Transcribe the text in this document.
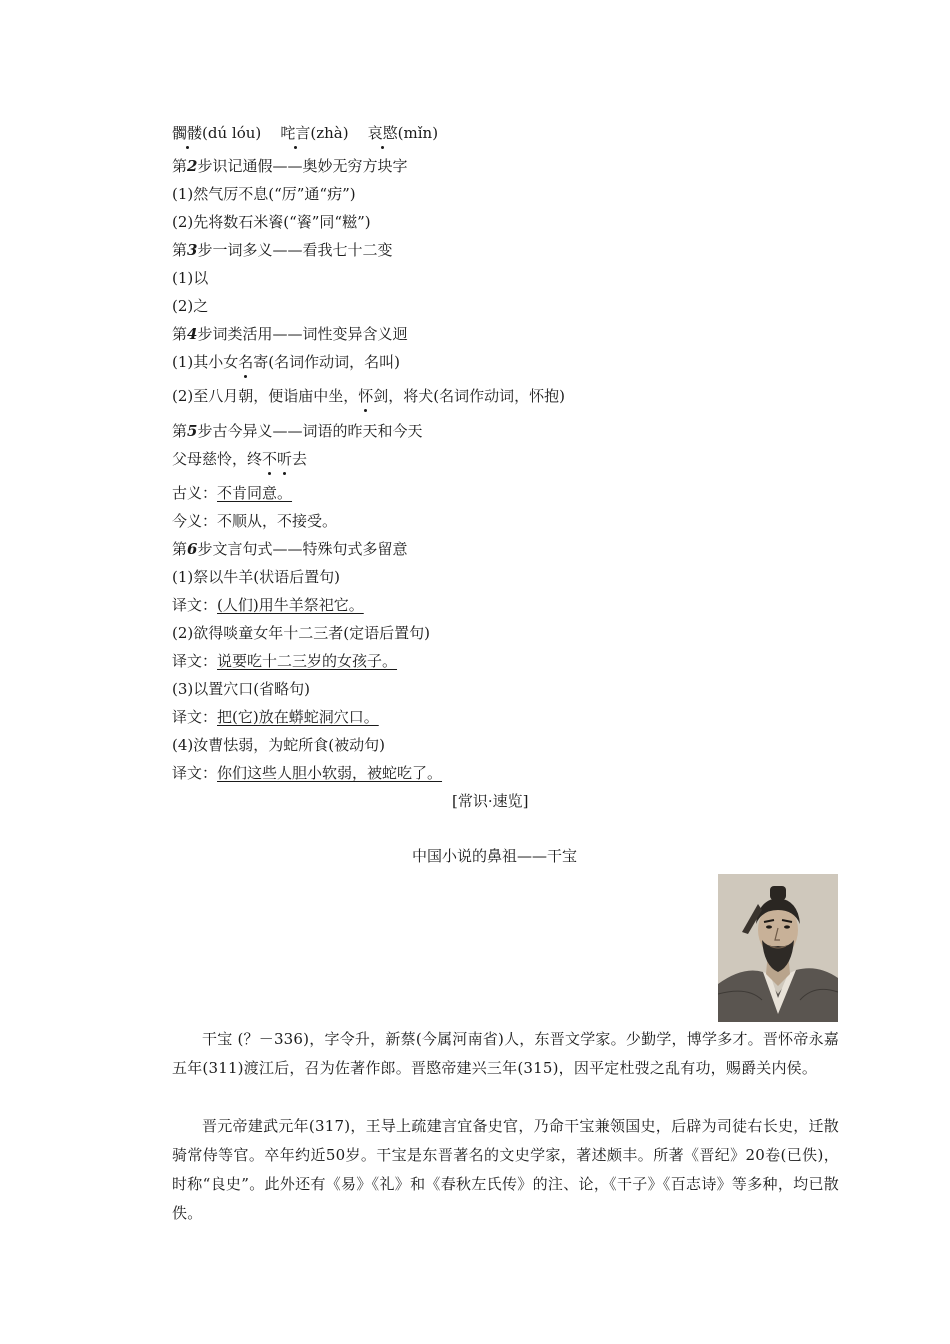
髑髅(dú lóu) 咤言(zhà) 哀愍(mǐn)
第2步识记通假——奥妙无穷方块字
(1)然气厉不息(“厉”通“疠”)
(2)先将数石米餈(“餈”同“糍”)
第3步一词多义——看我七十二变
(1)以
(2)之
第4步词类活用——词性变异含义迥
(1)其小女名寄(名词作动词，名叫)
(2)至八月朝，便诣庙中坐，怀剑，将犬(名词作动词，怀抱)
第5步古今异义——词语的昨天和今天
父母慈怜，终不听去
古义：不肯同意。
今义：不顺从，不接受。
第6步文言句式——特殊句式多留意
(1)祭以牛羊(状语后置句)
译文：(人们)用牛羊祭祀它。
(2)欲得啖童女年十二三者(定语后置句)
译文：说要吃十二三岁的女孩子。
(3)以置穴口(省略句)
译文：把(它)放在蟒蛇洞穴口。
(4)汝曹怯弱，为蛇所食(被动句)
译文：你们这些人胆小软弱，被蛇吃了。
[常识·速览]
中国小说的鼻祖——干宝
干宝 (？－336)，字令升，新蔡(今属河南省)人，东晋文学家。少勤学，博学多才。晋怀帝永嘉五年(311)渡江后，召为佐著作郎。晋愍帝建兴三年(315)，因平定杜弢之乱有功，赐爵关内侯。
晋元帝建武元年(317)，王导上疏建言宜备史官，乃命干宝兼领国史，后辟为司徒右长史，迁散骑常侍等官。卒年约近50岁。干宝是东晋著名的文史学家，著述颇丰。所著《晋纪》20卷(已佚)，时称“良史”。此外还有《易》《礼》和《春秋左氏传》的注、论，《干子》《百志诗》等多种，均已散佚。
